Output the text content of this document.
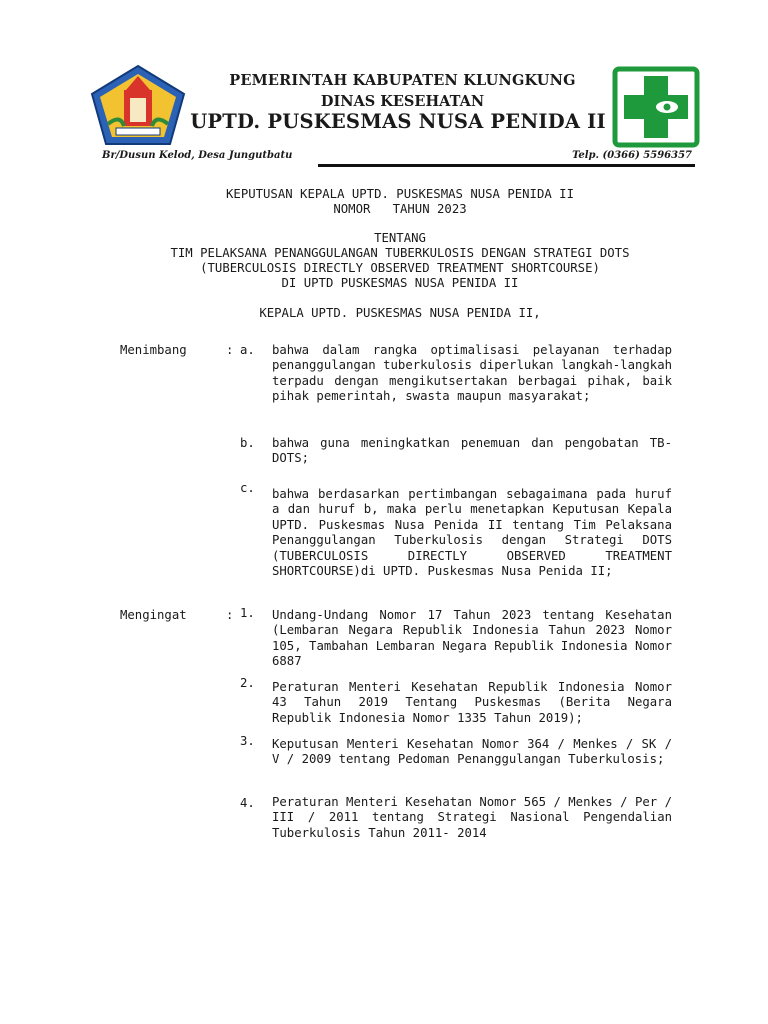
PEMERINTAH KABUPATEN KLUNGKUNG
DINAS KESEHATAN
UPTD. PUSKESMAS NUSA PENIDA II
Br/Dusun Kelod, Desa Jungutbatu	Telp. (0366) 5596357
KEPUTUSAN KEPALA UPTD. PUSKESMAS NUSA PENIDA II
NOMOR   TAHUN 2023
TENTANG
TIM PELAKSANA PENANGGULANGAN TUBERKULOSIS DENGAN STRATEGI DOTS
(TUBERCULOSIS DIRECTLY OBSERVED TREATMENT SHORTCOURSE)
DI UPTD PUSKESMAS NUSA PENIDA II
KEPALA UPTD. PUSKESMAS NUSA PENIDA II,
Menimbang	: a. bahwa dalam rangka optimalisasi pelayanan terhadap penanggulangan tuberkulosis diperlukan langkah-langkah terpadu dengan mengikutsertakan berbagai pihak, baik pihak pemerintah, swasta maupun masyarakat;
b. bahwa guna meningkatkan penemuan dan pengobatan TB-DOTS;
c. bahwa berdasarkan pertimbangan sebagaimana pada huruf a dan huruf b, maka perlu menetapkan Keputusan Kepala UPTD. Puskesmas Nusa Penida II tentang Tim Pelaksana Penanggulangan Tuberkulosis dengan Strategi DOTS (TUBERCULOSIS DIRECTLY OBSERVED TREATMENT SHORTCOURSE)di UPTD. Puskesmas Nusa Penida II;
Mengingat	: 1. Undang-Undang Nomor 17 Tahun 2023 tentang Kesehatan (Lembaran Negara Republik Indonesia Tahun 2023 Nomor 105, Tambahan Lembaran Negara Republik Indonesia Nomor 6887
2. Peraturan Menteri Kesehatan Republik Indonesia Nomor 43 Tahun 2019 Tentang Puskesmas (Berita Negara Republik Indonesia Nomor 1335 Tahun 2019);
3. Keputusan Menteri Kesehatan Nomor 364 / Menkes / SK / V / 2009 tentang Pedoman Penanggulangan Tuberkulosis;
4. Peraturan Menteri Kesehatan Nomor 565 / Menkes / Per / III / 2011 tentang Strategi Nasional Pengendalian Tuberkulosis Tahun 2011- 2014
